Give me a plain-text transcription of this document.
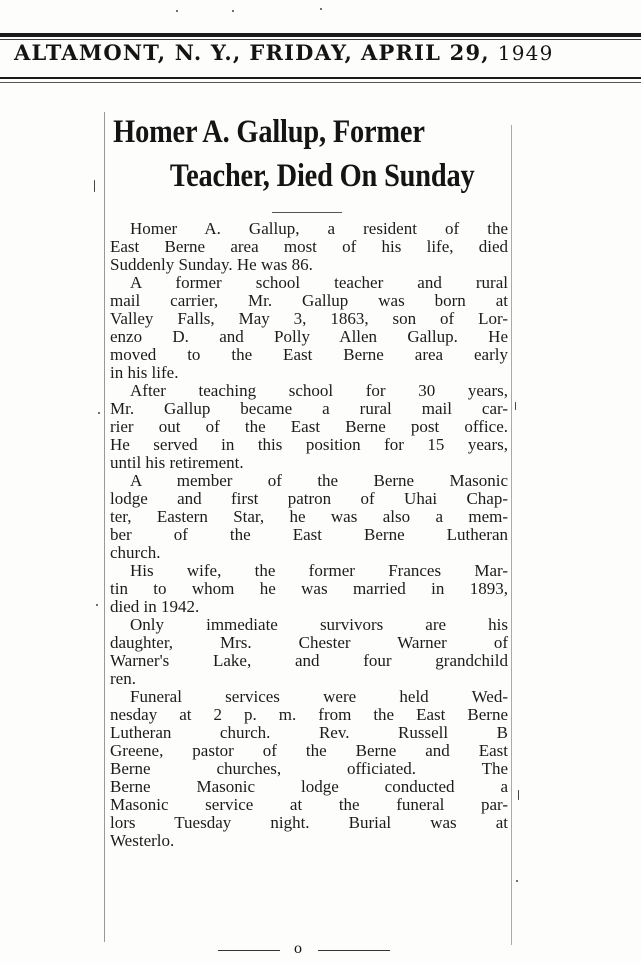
ALTAMONT, N. Y., FRIDAY, APRIL 29, 1949
Homer A. Gallup, Former
Teacher, Died On Sunday
Homer A. Gallup, a resident of the
East Berne area most of his life, died
Suddenly Sunday. He was 86.
A former school teacher and rural
mail carrier, Mr. Gallup was born at
Valley Falls, May 3, 1863, son of Lor-
enzo D. and Polly Allen Gallup. He
moved to the East Berne area early
in his life.
After teaching school for 30 years,
Mr. Gallup became a rural mail car-
rier out of the East Berne post office.
He served in this position for 15 years,
until his retirement.
A member of the Berne Masonic
lodge and first patron of Uhai Chap-
ter, Eastern Star, he was also a mem-
ber of the East Berne Lutheran
church.
His wife, the former Frances Mar-
tin to whom he was married in 1893,
died in 1942.
Only immediate survivors are his
daughter, Mrs. Chester Warner of
Warner's Lake, and four grandchild
ren.
Funeral services were held Wed-
nesday at 2 p. m. from the East Berne
Lutheran church. Rev. Russell B
Greene, pastor of the Berne and East
Berne churches, officiated. The
Berne Masonic lodge conducted a
Masonic service at the funeral par-
lors Tuesday night. Burial was at
Westerlo.
o
